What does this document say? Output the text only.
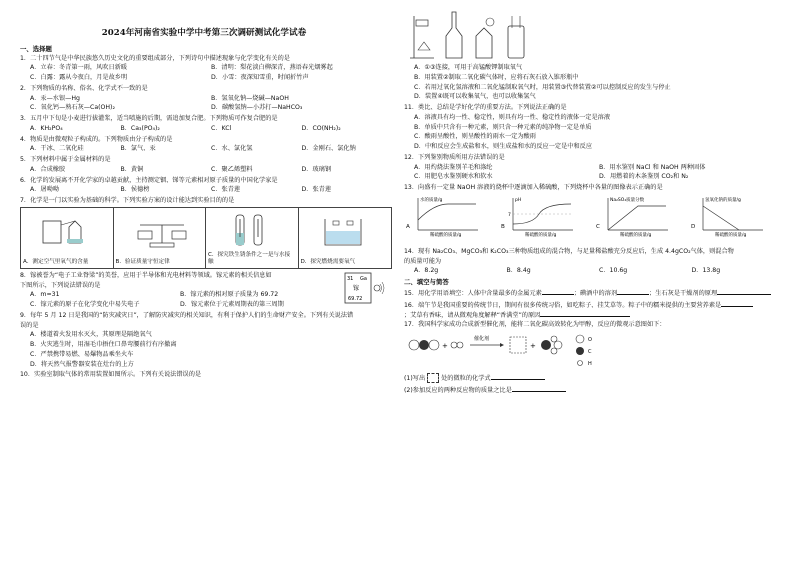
2024年河南省实验中学中考第三次调研测试化学试卷
一、选择题
1．二十四节气是中华民族悠久历史文化的重要组成部分，下列诗句中描述现象与化学变化有关的是
A．立春：冬青第一雨，风吹日新暖	B．清明：梨花淡白柳深青，燕语春光烟雾起
C．白露：露从今夜白，月是故乡明	D．小雪：夜深知雪重，时闻折竹声
2．下列物质的名称、俗名、化学式不一致的是
A．汞—水银—Hg	B．氢氧化钠—烧碱—NaOH
C．氧化钙—熟石灰—Ca(OH)₂	D．碳酸氢钠—小苏打—NaHCO₃
3．五月中下旬是小麦进行拔灌浆，适当喷施的后期，需追加复合肥。下列物质可作复合肥的是
A．KH₂PO₄	B．Ca₃(PO₄)₂	C．KCl	D．CO(NH₂)₂
4．物质是由微观粒子构成的。下列物质由分子构成的是
A．干冰、二氧化硅	B．氯气、汞	C．水、氯化氢	D．金刚石、氯化钠
5．下列材料中属于金属材料的是
A．合成橡胶	B．黄铜	C．聚乙烯塑料	D．玻璃钢
6．化学的发展离不开化学家的卓越贡献，主持测定铟、锑等元素相对原子质量的中国化学家是
A．屠呦呦	B．侯德榜	C．张青莲	D．张青莲
7．化学是一门以实验为基础的科学。下列实验方案的设计能达到实验目的的是
A．测定空气里氧气的含量	B．验证质量守恒定律
C．探究铁生锈条件之一是与水接触	D．探究燃烧需要氧气
8．镓被誉为“电子工业脊梁”的美誉，应用于半导体和光电材料等领域。镓元素的相关信息如
下图所示，下列说法错误的是
31 Ga
镓
69.72
A．m=31	B．镓元素的相对原子质量为 69.72
C．镓元素的原子在化学变化中易失电子	D．镓元素位于元素周期表的第三周期
9．每年 5 月 12 日是我国的“防灾减灾日”，了解防灾减灾的相关知识，有利于保护人们的生命财产安全。下列有关说法错
误的是
A．楼道着火发用水灭火，其原理是隔绝氧气
B．火灾逃生时，用湿毛巾捂住口鼻弯腰前行有序撤离
C．严禁携带易燃、易爆物品乘坐火车
D．将天然气报警器安装在灶台的上方
10．实验室制取气体的常用装置如图所示。下列有关说法错误的是
A．①③连接，可用于高锰酸钾制取氧气
B．用装置②制取二氧化碳气体时，应将石灰石放入锥形瓶中
C．若用过氧化氢溶液和二氧化锰制取氧气时，用装置③代替装置②可以控制反应的发生与停止
D．装置④既可以收集氧气，也可以收集氢气
11．类比、总结是学好化学的重要方法。下列说法正确的是
A．溶液具有均一性、稳定性，则具有均一性、稳定性的液体一定是溶液
B．单质中只含有一种元素，则只含一种元素的纯净物一定是单质
C．酸雨呈酸性，则呈酸性的雨水一定为酸雨
D．中和反应会生成盐和水，则生成盐和水的反应一定是中和反应
12．下列鉴别物质所用方法错误的是
A．用灼烧法鉴别羊毛和涤纶	B．用水鉴别 NaCl 和 NaOH 两种固体
C．用肥皂水鉴别硬水和软水	D．用燃着的木条鉴别 CO₂和 N₂
13．向盛有一定量 NaOH 溶液的烧杯中逐滴加入稀硫酸，下列烧杯中各量的图像表示正确的是
水的质量/g
稀硫酸的质量/g
A
7
pH
稀硫酸的质量/g
B
Na₂SO₄质量分数
稀硫酸的质量/g
C
氢氧化钠的质量/g
稀硫酸的质量/g
D
14．现有 Na₂CO₃、MgCO₃和 K₂CO₃三种物质组成的混合物，与足量稀盐酸充分反应后，生成 4.4gCO₂气体，则混合物
的质量可能为
A．8.2g	B．8.4g	C．10.6g	D．13.8g
二、填空与简答
15．用化学用语填空：人体中含量最多的金属元素	；碘酒中的溶剂	；生石灰是干燥剂的原理
16．端午节是我国重要的传统节日，期间有很多传统习俗，如吃粽子、挂艾草等。粽子中的糯米提供的主要营养素是
；艾草有香味，请从微观角度解释“香满堂”的原因
17．我国科学家成功合成新型催化剂，能将二氧化碳高效转化为甲醇，反应的微观示意图如下：
+
催化剂
+
O
C
H
(1)写出	处的微粒的化学式
(2)参加反应的两种反应物的质量之比是
